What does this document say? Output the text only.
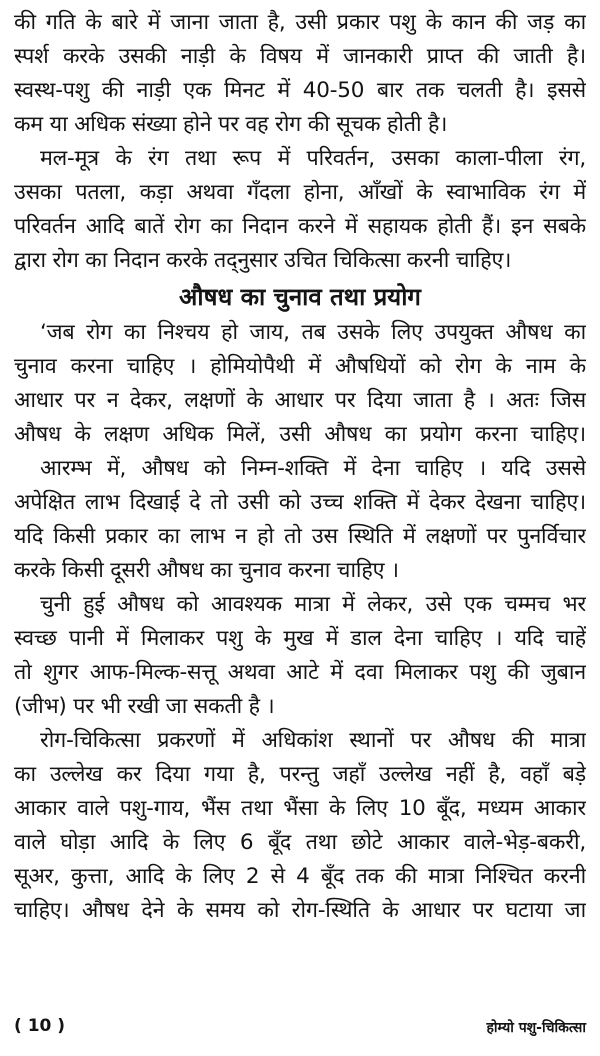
की गति के बारे में जाना जाता है, उसी प्रकार पशु के कान की जड़ का
स्पर्श करके उसकी नाड़ी के विषय में जानकारी प्राप्त की जाती है।
स्वस्थ-पशु की नाड़ी एक मिनट में 40-50 बार तक चलती है। इससे
कम या अधिक संख्या होने पर वह रोग की सूचक होती है।
मल-मूत्र के रंग तथा रूप में परिवर्तन, उसका काला-पीला रंग,
उसका पतला, कड़ा अथवा गँदला होना, आँखों के स्वाभाविक रंग में
परिवर्तन आदि बातें रोग का निदान करने में सहायक होती हैं। इन सबके
द्वारा रोग का निदान करके तद्नुसार उचित चिकित्सा करनी चाहिए।
औषध का चुनाव तथा प्रयोग
‘जब रोग का निश्चय हो जाय, तब उसके लिए उपयुक्त औषध का
चुनाव करना चाहिए । होमियोपैथी में औषधियों को रोग के नाम के
आधार पर न देकर, लक्षणों के आधार पर दिया जाता है । अतः जिस
औषध के लक्षण अधिक मिलें, उसी औषध का प्रयोग करना चाहिए।
आरम्भ में, औषध को निम्न-शक्ति में देना चाहिए । यदि उससे
अपेक्षित लाभ दिखाई दे तो उसी को उच्च शक्ति में देकर देखना चाहिए।
यदि किसी प्रकार का लाभ न हो तो उस स्थिति में लक्षणों पर पुनर्विचार
करके किसी दूसरी औषध का चुनाव करना चाहिए ।
चुनी हुई औषध को आवश्यक मात्रा में लेकर, उसे एक चम्मच भर
स्वच्छ पानी में मिलाकर पशु के मुख में डाल देना चाहिए । यदि चाहें
तो शुगर आफ-मिल्क-सत्तू अथवा आटे में दवा मिलाकर पशु की जुबान
(जीभ) पर भी रखी जा सकती है ।
रोग-चिकित्सा प्रकरणों में अधिकांश स्थानों पर औषध की मात्रा
का उल्लेख कर दिया गया है, परन्तु जहाँ उल्लेख नहीं है, वहाँ बड़े
आकार वाले पशु-गाय, भैंस तथा भैंसा के लिए 10 बूँद, मध्यम आकार
वाले घोड़ा आदि के लिए 6 बूँद तथा छोटे आकार वाले-भेड़-बकरी,
सूअर, कुत्ता, आदि के लिए 2 से 4 बूँद तक की मात्रा निश्चित करनी
चाहिए। औषध देने के समय को रोग-स्थिति के आधार पर घटाया जा
( 10 )	होम्यो पशु-चिकित्सा
